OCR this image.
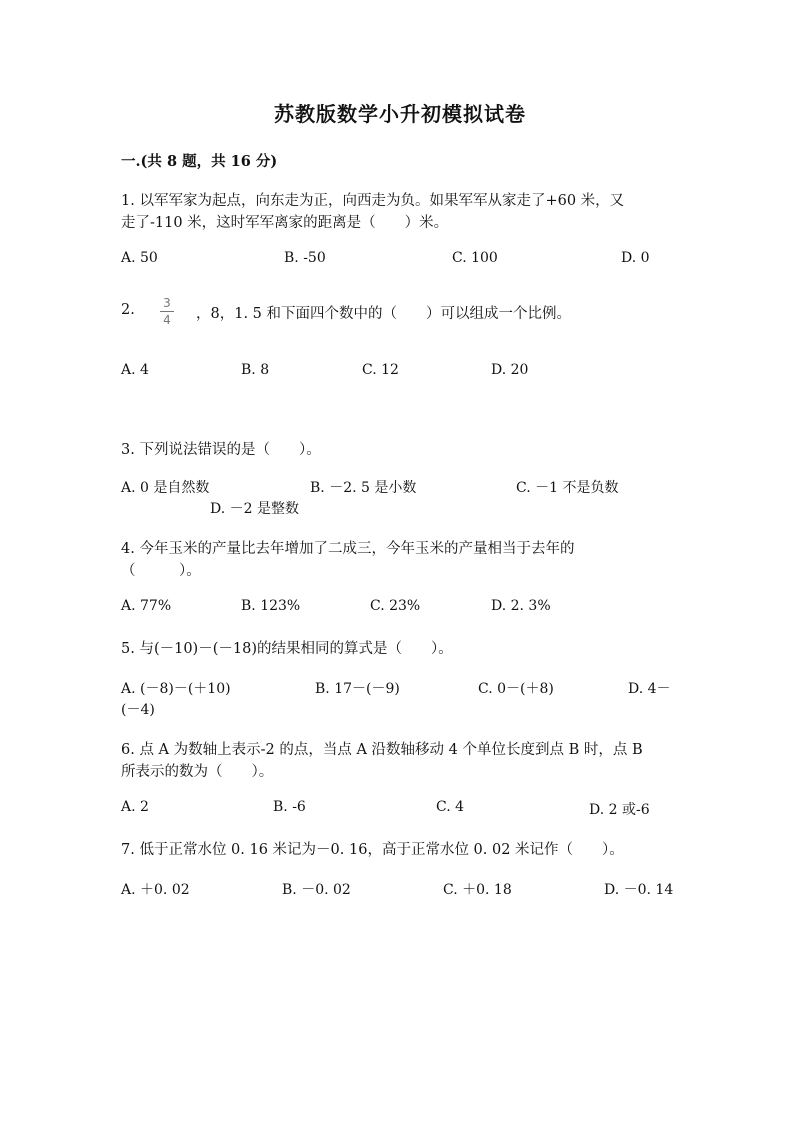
苏教版数学小升初模拟试卷
一.(共 8 题，共 16 分)
1. 以军军家为起点，向东走为正，向西走为负。如果军军从家走了+60 米，又
走了-110 米，这时军军离家的距离是（　　）米。
A. 50	B. -50	C. 100	D. 0
2. 3
4 ，8，1. 5 和下面四个数中的（　　）可以组成一个比例。
A. 4	B. 8	C. 12	D. 20
3. 下列说法错误的是（　　）。
A. 0 是自然数	B. －2. 5 是小数	C. －1 不是负数
D. －2 是整数
4. 今年玉米的产量比去年增加了二成三，今年玉米的产量相当于去年的
（　　　）。
A. 77%	B. 123%	C. 23%	D. 2. 3%
5. 与(－10)－(－18)的结果相同的算式是（　　）。
A. (－8)－(＋10)	B. 17－(－9)	C. 0－(＋8)	D. 4－
(－4)
6. 点 A 为数轴上表示-2 的点，当点 A 沿数轴移动 4 个单位长度到点 B 时，点 B
所表示的数为（　　）。
A. 2	B. -6	C. 4	D. 2 或-6
7. 低于正常水位 0. 16 米记为－0. 16，高于正常水位 0. 02 米记作（　　）。
A. ＋0. 02	B. －0. 02	C. ＋0. 18	D. －0. 14
